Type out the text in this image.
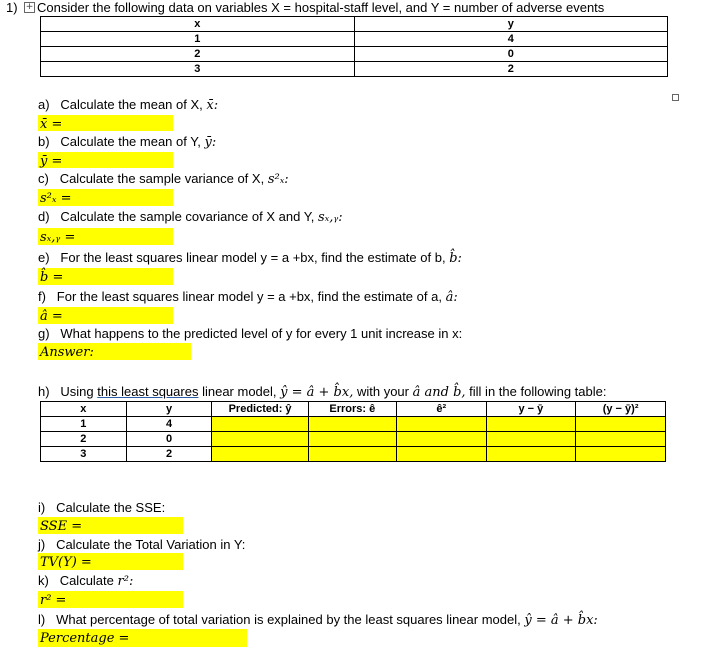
1) + Consider the following data on variables X = hospital-staff level, and Y = number of adverse events
x	y
1	4
2	0
3	2
a) Calculate the mean of X, x̄:
x̄ =
b) Calculate the mean of Y, ȳ:
ȳ =
c) Calculate the sample variance of X, s²ₓ:
s²ₓ =
d) Calculate the sample covariance of X and Y, sₓ,ᵧ:
sₓ,ᵧ =
e) For the least squares linear model y = a +bx, find the estimate of b, b̂:
b̂ =
f) For the least squares linear model y = a +bx, find the estimate of a, â:
â =
g) What happens to the predicted level of y for every 1 unit increase in x:
Answer:
h) Using this least squares linear model, ŷ = â + b̂x, with your â and b̂, fill in the following table:
x	y	Predicted: ŷ	Errors: ê	ê²	y − ȳ	(y − ȳ)²
1	4					
2	0					
3	2					
i) Calculate the SSE:
SSE =
j) Calculate the Total Variation in Y:
TV(Y) =
k) Calculate r²:
r² =
l) What percentage of total variation is explained by the least squares linear model, ŷ = â + b̂x:
Percentage =
